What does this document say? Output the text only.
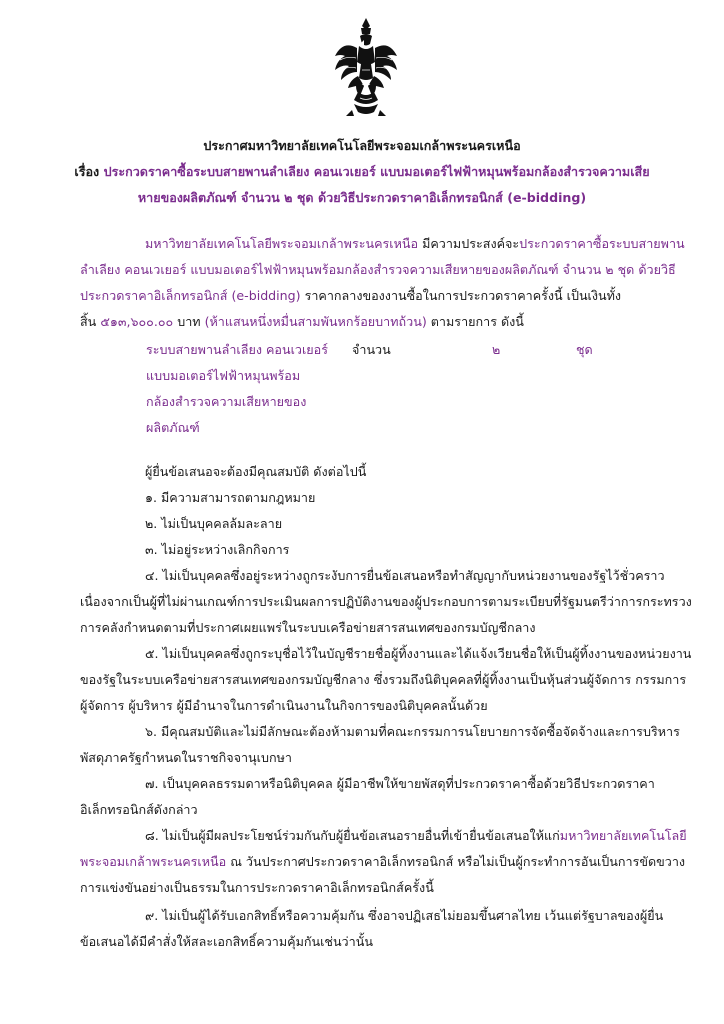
ประกาศมหาวิทยาลัยเทคโนโลยีพระจอมเกล้าพระนครเหนือ
เรื่อง ประกวดราคาซื้อระบบสายพานลำเลียง คอนเวเยอร์ แบบมอเตอร์ไฟฟ้าหมุนพร้อมกล้องสำรวจความเสีย
หายของผลิตภัณฑ์ จำนวน ๒ ชุด ด้วยวิธีประกวดราคาอิเล็กทรอนิกส์ (e-bidding)
มหาวิทยาลัยเทคโนโลยีพระจอมเกล้าพระนครเหนือ มีความประสงค์จะประกวดราคาซื้อระบบสายพาน
ลำเลียง คอนเวเยอร์ แบบมอเตอร์ไฟฟ้าหมุนพร้อมกล้องสำรวจความเสียหายของผลิตภัณฑ์ จำนวน ๒ ชุด ด้วยวิธี
ประกวดราคาอิเล็กทรอนิกส์ (e-bidding) ราคากลางของงานซื้อในการประกวดราคาครั้งนี้ เป็นเงินทั้ง
สิ้น ๕๑๓,๖๐๐.๐๐ บาท (ห้าแสนหนึ่งหมื่นสามพันหกร้อยบาทถ้วน) ตามรายการ ดังนี้
ระบบสายพานลำเลียง คอนเวเยอร์ จำนวน	๒	ชุด
แบบมอเตอร์ไฟฟ้าหมุนพร้อม
กล้องสำรวจความเสียหายของ
ผลิตภัณฑ์
ผู้ยื่นข้อเสนอจะต้องมีคุณสมบัติ ดังต่อไปนี้
๑. มีความสามารถตามกฎหมาย
๒. ไม่เป็นบุคคลล้มละลาย
๓. ไม่อยู่ระหว่างเลิกกิจการ
๔. ไม่เป็นบุคคลซึ่งอยู่ระหว่างถูกระงับการยื่นข้อเสนอหรือทำสัญญากับหน่วยงานของรัฐไว้ชั่วคราว
เนื่องจากเป็นผู้ที่ไม่ผ่านเกณฑ์การประเมินผลการปฏิบัติงานของผู้ประกอบการตามระเบียบที่รัฐมนตรีว่าการกระทรวง
การคลังกำหนดตามที่ประกาศเผยแพร่ในระบบเครือข่ายสารสนเทศของกรมบัญชีกลาง
๕. ไม่เป็นบุคคลซึ่งถูกระบุชื่อไว้ในบัญชีรายชื่อผู้ทิ้งงานและได้แจ้งเวียนชื่อให้เป็นผู้ทิ้งงานของหน่วยงาน
ของรัฐในระบบเครือข่ายสารสนเทศของกรมบัญชีกลาง ซึ่งรวมถึงนิติบุคคลที่ผู้ทิ้งงานเป็นหุ้นส่วนผู้จัดการ กรรมการ
ผู้จัดการ ผู้บริหาร ผู้มีอำนาจในการดำเนินงานในกิจการของนิติบุคคลนั้นด้วย
๖. มีคุณสมบัติและไม่มีลักษณะต้องห้ามตามที่คณะกรรมการนโยบายการจัดซื้อจัดจ้างและการบริหาร
พัสดุภาครัฐกำหนดในราชกิจจานุเบกษา
๗. เป็นบุคคลธรรมดาหรือนิติบุคคล ผู้มีอาชีพให้ขายพัสดุที่ประกวดราคาซื้อด้วยวิธีประกวดราคา
อิเล็กทรอนิกส์ดังกล่าว
๘. ไม่เป็นผู้มีผลประโยชน์ร่วมกันกับผู้ยื่นข้อเสนอรายอื่นที่เข้ายื่นข้อเสนอให้แก่มหาวิทยาลัยเทคโนโลยี
พระจอมเกล้าพระนครเหนือ ณ วันประกาศประกวดราคาอิเล็กทรอนิกส์ หรือไม่เป็นผู้กระทำการอันเป็นการขัดขวาง
การแข่งขันอย่างเป็นธรรมในการประกวดราคาอิเล็กทรอนิกส์ครั้งนี้
๙. ไม่เป็นผู้ได้รับเอกสิทธิ์หรือความคุ้มกัน ซึ่งอาจปฏิเสธไม่ยอมขึ้นศาลไทย เว้นแต่รัฐบาลของผู้ยื่น
ข้อเสนอได้มีคำสั่งให้สละเอกสิทธิ์ความคุ้มกันเช่นว่านั้น
